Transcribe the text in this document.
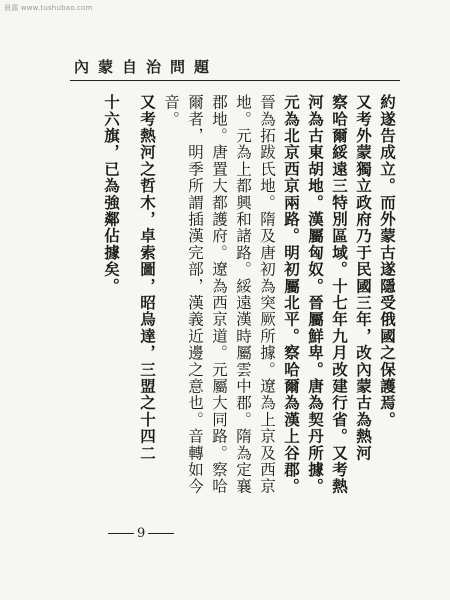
晨露 www.tushubao.com
內蒙自治問題
約遂告成立。而外蒙古遂隱受俄國之保護焉。
又考外蒙獨立政府乃于民國三年，改內蒙古為熱河
察哈爾綏遠三特別區域。十七年九月改建行省。又考熱
河為古東胡地。漢屬匈奴。晉屬鮮卑。唐為契丹所據。
元為北京西京兩路。明初屬北平。察哈爾為漢上谷郡。
晉為拓跋氏地。隋及唐初為突厥所據。遼為上京及西京
地。元為上都興和諸路。綏遠漢時屬雲中郡。隋為定襄
郡地。唐置大都護府。遼為西京道。元屬大同路。察哈
爾者，明季所謂插漢完部，漢義近邊之意也。音轉如今
音。
又考熱河之哲木，卓索圖，昭烏達，三盟之十四二
十六旗，已為強鄰佔據矣。
9
